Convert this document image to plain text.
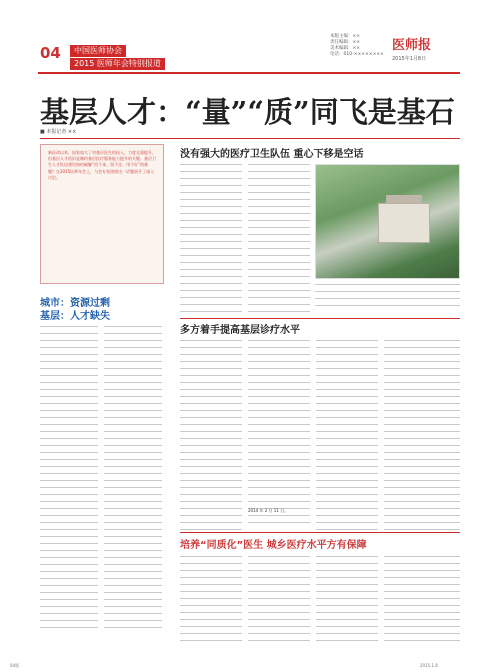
04	中国医师协会
2015 医师年会特别报道
本版主编：××
责任编辑：××
美术编辑：××
电话：010-××××××××
医师报
2015年1月8日
基层人才：“量”“质”同飞是基石
■ 本报记者 ××
新医改以来，国家加大了对基层医生的投入，力度全面提升，但基层人才依旧是制约基层医疗服务能力提升的关键。基层卫生人才队伍建设如何破解“招不来、留不住、用不好”的难题？在2015医师年会上，与会专家围绕这一话题展开了深入讨论。
城市：资源过剩
基层：人才缺失
没有强大的医疗卫生队伍 重心下移是空话
多方着手提高基层诊疗水平
2014 年 2 月 11 日。
培养“同质化”医生 城乡医疗水平方有保障
04版	2015.1.8
